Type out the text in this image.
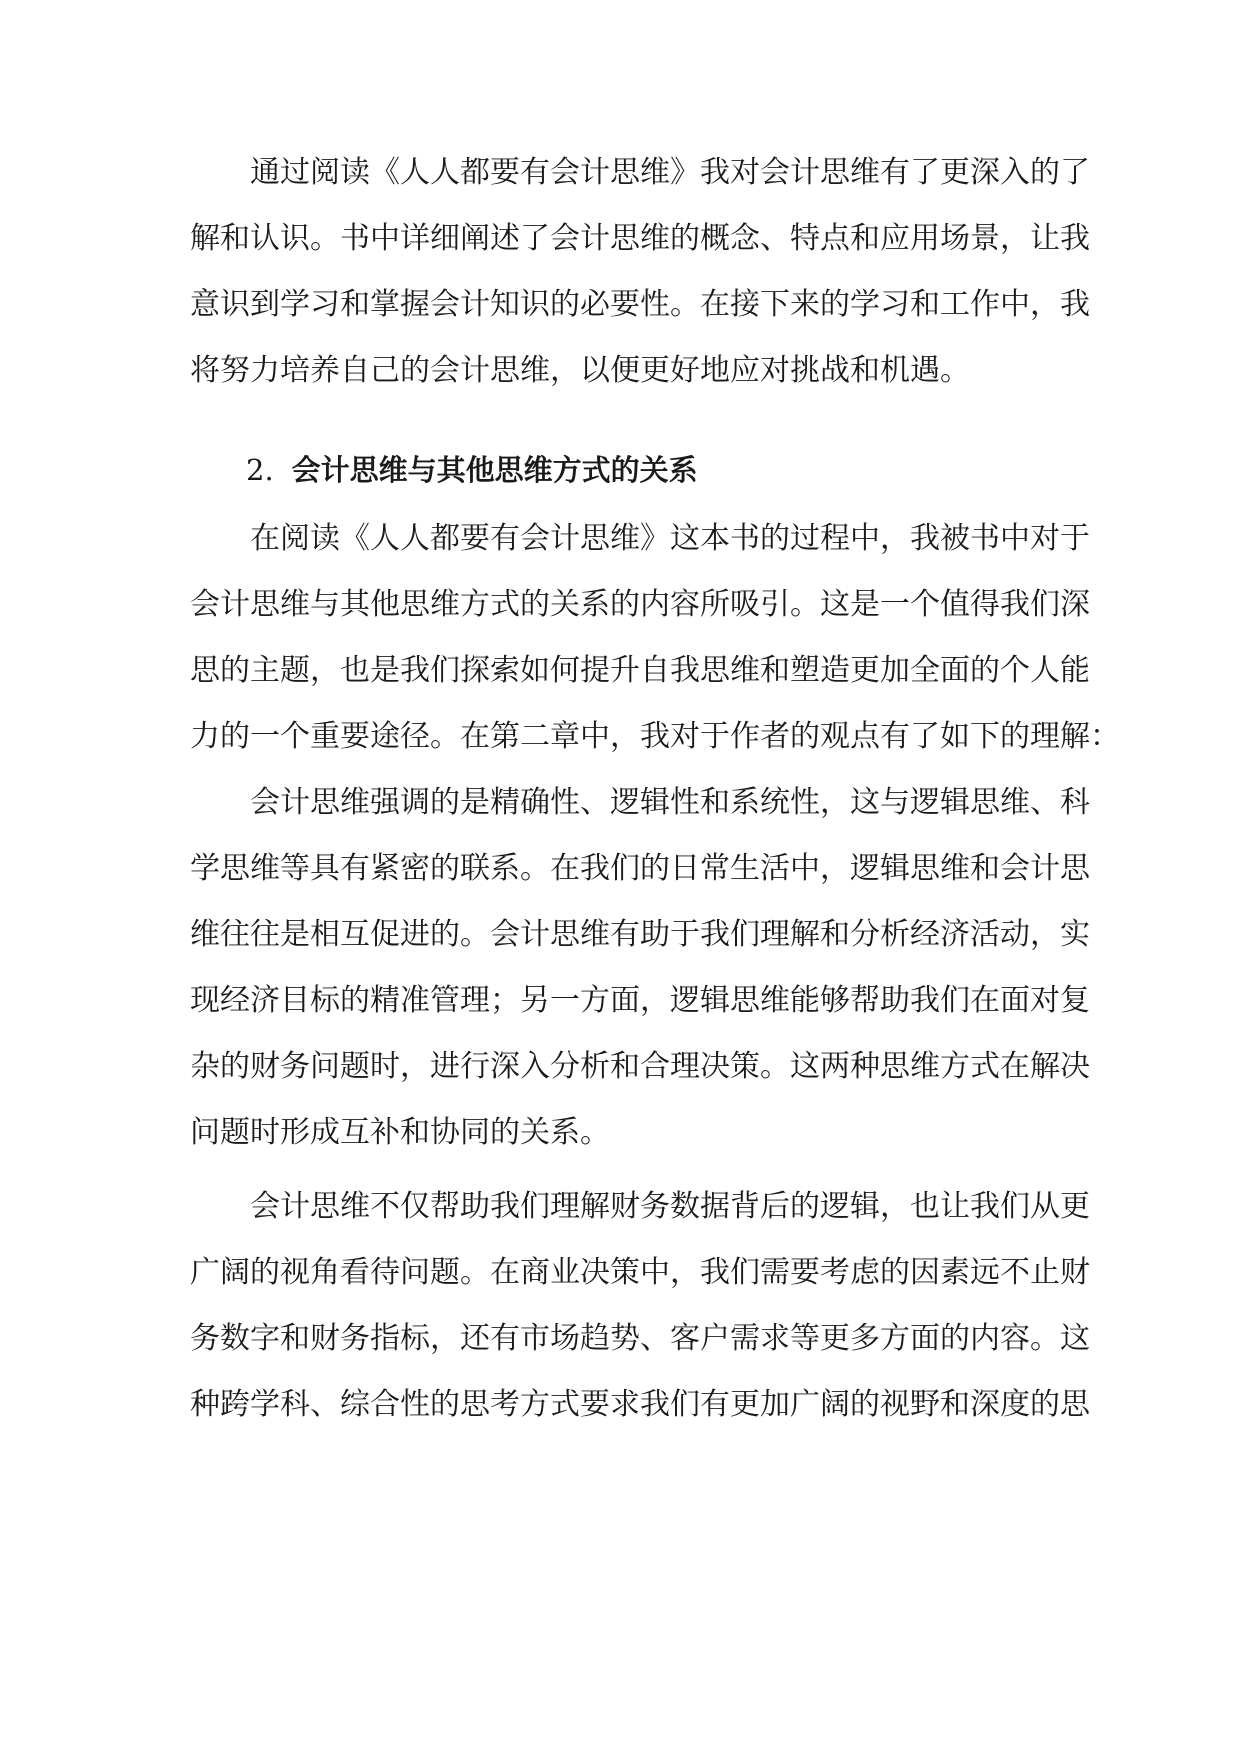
通过阅读《人人都要有会计思维》我对会计思维有了更深入的了
解和认识。书中详细阐述了会计思维的概念、特点和应用场景，让我
意识到学习和掌握会计知识的必要性。在接下来的学习和工作中，我
将努力培养自己的会计思维，以便更好地应对挑战和机遇。

2. 会计思维与其他思维方式的关系

在阅读《人人都要有会计思维》这本书的过程中，我被书中对于
会计思维与其他思维方式的关系的内容所吸引。这是一个值得我们深
思的主题，也是我们探索如何提升自我思维和塑造更加全面的个人能
力的一个重要途径。在第二章中，我对于作者的观点有了如下的理解：

会计思维强调的是精确性、逻辑性和系统性，这与逻辑思维、科
学思维等具有紧密的联系。在我们的日常生活中，逻辑思维和会计思
维往往是相互促进的。会计思维有助于我们理解和分析经济活动，实
现经济目标的精准管理；另一方面，逻辑思维能够帮助我们在面对复
杂的财务问题时，进行深入分析和合理决策。这两种思维方式在解决
问题时形成互补和协同的关系。

会计思维不仅帮助我们理解财务数据背后的逻辑，也让我们从更
广阔的视角看待问题。在商业决策中，我们需要考虑的因素远不止财
务数字和财务指标，还有市场趋势、客户需求等更多方面的内容。这
种跨学科、综合性的思考方式要求我们有更加广阔的视野和深度的思
